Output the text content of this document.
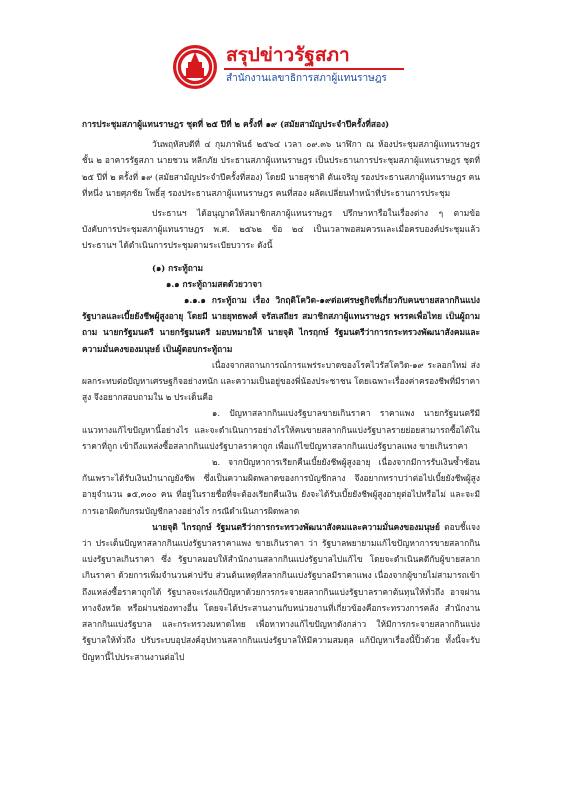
สรุปข่าวรัฐสภา
สำนักงานเลขาธิการสภาผู้แทนราษฎร
การประชุมสภาผู้แทนราษฎร ชุดที่ ๒๕ ปีที่ ๒ ครั้งที่ ๑๙ (สมัยสามัญประจำปีครั้งที่สอง)

วันพฤหัสบดีที่ ๔ กุมภาพันธ์ ๒๕๖๔ เวลา ๐๙.๓๖ นาฬิกา ณ ห้องประชุมสภาผู้แทนราษฎร ชั้น ๒ อาคารรัฐสภา นายชวน หลีกภัย ประธานสภาผู้แทนราษฎร เป็นประธานการประชุมสภาผู้แทนราษฎร ชุดที่ ๒๕ ปีที่ ๒ ครั้งที่ ๑๙ (สมัยสามัญประจำปีครั้งที่สอง) โดยมี นายสุชาติ ตันเจริญ รองประธานสภาผู้แทนราษฎร คนที่หนึ่ง นายศุภชัย โพธิ์สุ รองประธานสภาผู้แทนราษฎร คนที่สอง ผลัดเปลี่ยนทำหน้าที่ประธานการประชุม

ประธานฯ ได้อนุญาตให้สมาชิกสภาผู้แทนราษฎร ปรึกษาหารือในเรื่องต่าง ๆ ตามข้อบังคับการประชุมสภาผู้แทนราษฎร พ.ศ. ๒๕๖๒ ข้อ ๒๔ เป็นเวลาพอสมควรและเมื่อครบองค์ประชุมแล้ว ประธานฯ ได้ดำเนินการประชุมตามระเบียบวาระ ดังนี้

(๑) กระทู้ถาม
๑.๑ กระทู้ถามสดด้วยวาจา

๑.๑.๑ กระทู้ถาม เรื่อง วิกฤติโควิด-๑๙ต่อเศรษฐกิจที่เกี่ยวกับคนขายสลากกินแบ่งรัฐบาลและเบี้ยยังชีพผู้สูงอายุ โดยมี นายยุทธพงศ์ จรัสเสถียร สมาชิกสภาผู้แทนราษฎร พรรคเพื่อไทย เป็นผู้ถาม ถาม นายกรัฐมนตรี นายกรัฐมนตรี มอบหมายให้ นายจุติ ไกรฤกษ์ รัฐมนตรีว่าการกระทรวงพัฒนาสังคมและความมั่นคงของมนุษย์ เป็นผู้ตอบกระทู้ถาม

เนื่องจากสถานการณ์การแพร่ระบาดของโรคไวรัสโควิด-๑๙ ระลอกใหม่ ส่งผลกระทบต่อปัญหาเศรษฐกิจอย่างหนัก และความเป็นอยู่ของพี่น้องประชาชน โดยเฉพาะเรื่องค่าครองชีพที่มีราคาสูง จึงอยากสอบถามใน ๒ ประเด็นคือ

๑. ปัญหาสลากกินแบ่งรัฐบาลขายเกินราคา ราคาแพง นายกรัฐมนตรีมีแนวทางแก้ไขปัญหานี้อย่างไร และจะดำเนินการอย่างไรให้คนขายสลากกินแบ่งรัฐบาลรายย่อยสามารถซื้อได้ในราคาที่ถูก เข้าถึงแหล่งซื้อสลากกินแบ่งรัฐบาลราคาถูก เพื่อแก้ไขปัญหาสลากกินแบ่งรัฐบาลแพง ขายเกินราคา

๒. จากปัญหาการเรียกคืนเบี้ยยังชีพผู้สูงอายุ เนื่องจากมีการรับเงินซ้ำซ้อนกันเพราะได้รับเงินบำนาญยังชีพ ซึ่งเป็นความผิดพลาดของการบัญชีกลาง จึงอยากทราบว่าต่อไปเบี้ยยังชีพผู้สูงอายุจำนวน ๑๕,๓๐๐ คน ที่อยู่ในรายชื่อที่จะต้องเรียกคืนเงิน ยังจะได้รับเบี้ยยังชีพผู้สูงอายุต่อไปหรือไม่ และจะมีการเอาผิดกับกรมบัญชีกลางอย่างไร กรณีดำเนินการผิดพลาด

นายจุติ ไกรฤกษ์ รัฐมนตรีว่าการกระทรวงพัฒนาสังคมและความมั่นคงของมนุษย์ ตอบชี้แจงว่า ประเด็นปัญหาสลากกินแบ่งรัฐบาลราคาแพง ขายเกินราคา ว่า รัฐบาลพยายามแก้ไขปัญหาการขายสลากกินแบ่งรัฐบาลเกินราคา ซึ่ง รัฐบาลมอบให้สำนักงานสลากกินแบ่งรัฐบาลไปแก้ไข โดยจะดำเนินคดีกับผู้ขายสลากเกินราคา ด้วยการเพิ่มจำนวนค่าปรับ ส่วนต้นเหตุที่สลากกินแบ่งรัฐบาลมีราคาแพง เนื่องจากผู้ขายไม่สามารถเข้าถึงแหล่งซื้อราคาถูกได้ รัฐบาลจะเร่งแก้ปัญหาด้วยการกระจายสลากกินแบ่งรัฐบาลราคาต้นทุนให้ทั่วถึง อาจผ่านทางจังหวัด หรือผ่านช่องทางอื่น โดยจะได้ประสานงานกับหน่วยงานที่เกี่ยวข้องคือกระทรวงการคลัง สำนักงานสลากกินแบ่งรัฐบาล และกระทรวงมหาดไทย เพื่อหาทางแก้ไขปัญหาดังกล่าว ให้มีการกระจายสลากกินแบ่งรัฐบาลให้ทั่วถึง ปรับระบบอุปสงค์อุปทานสลากกินแบ่งรัฐบาลให้มีความสมดุล แก้ปัญหาเรื่องนี้ปิ้วด้วย ทั้งนี้จะรับปัญหานี้ไปประสานงานต่อไป
